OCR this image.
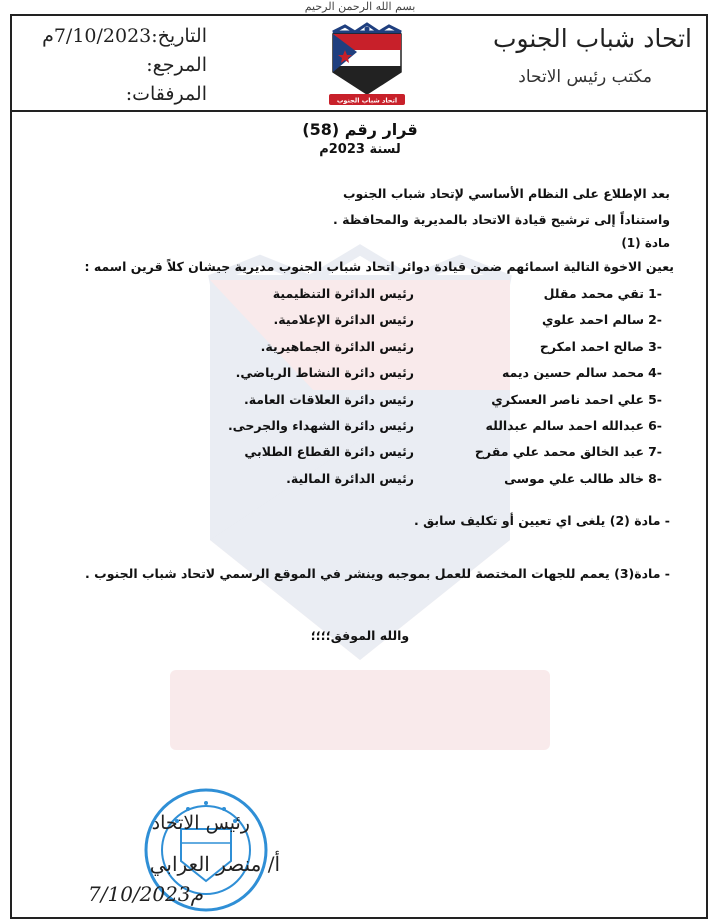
بسم الله الرحمن الرحيم
اتحاد شباب الجنوب
مكتب رئيس الاتحاد
التاريخ:7/10/2023م
المرجع:
المرفقات:	اتحاد شباب الجنوب
قرار رقم (58)
لسنة 2023م
بعد الإطلاع على النظام الأساسي لإتحاد شباب الجنوب
واستناداً إلى ترشيح قيادة الاتحاد بالمديرية والمحافظة .
مادة (1)
يعين الاخوة التالية اسمائهم ضمن قيادة دوائر اتحاد شباب الجنوب مديرية جيشان كلاً قرين اسمه :
-1
تقي محمد مقلل
رئيس الدائرة التنظيمية
-2
سالم احمد علوي
رئيس الدائرة الإعلامية.
-3
صالح احمد امكرح
رئيس الدائرة الجماهيرية.
-4
محمد سالم حسين ديمه
رئيس دائرة النشاط الرياضي.
-5
علي احمد ناصر العسكري
رئيس دائرة العلاقات العامة.
-6
عبدالله احمد سالم عبدالله
رئيس دائرة الشهداء والجرحى.
-7
عبد الخالق محمد علي مقرح
رئيس دائرة القطاع الطلابي
-8
خالد طالب علي موسى
رئيس الدائرة المالية.
- مادة (2) يلغى اي تعيين أو تكليف سابق .
- مادة(3) يعمم للجهات المختصة للعمل بموجبه وينشر في الموقع الرسمي لاتحاد شباب الجنوب .
والله الموفق؛؛؛؛
رئيس الاتحاد
أ/ منصر العرابي
7/10/2023م
